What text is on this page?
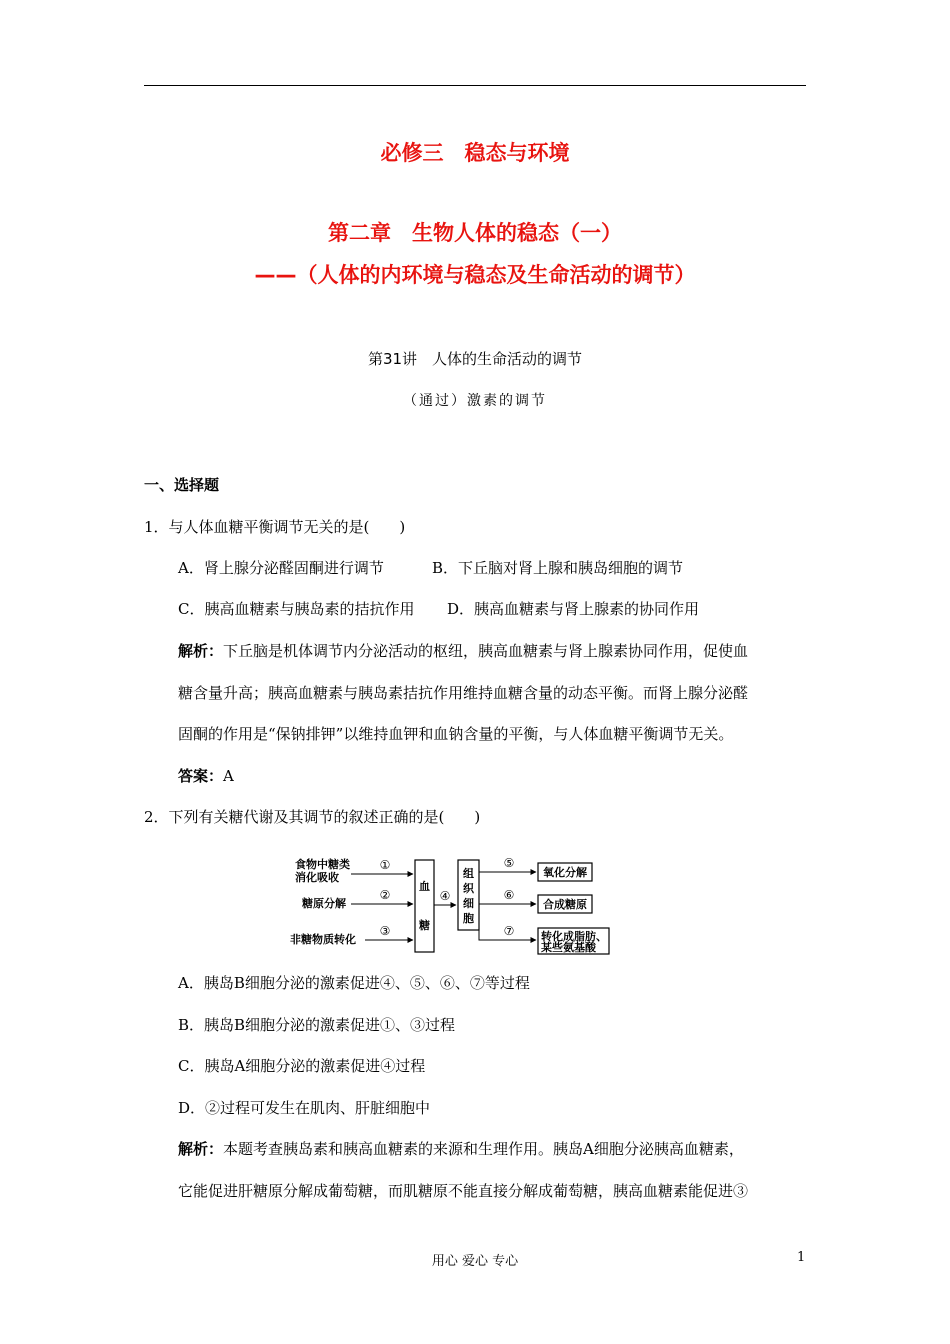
必修三　稳态与环境
第二章　生物人体的稳态（一）
——（人体的内环境与稳态及生命活动的调节）
第31讲　人体的生命活动的调节
（通过）激素的调节
一、选择题
1．与人体血糖平衡调节无关的是(　　)
A．肾上腺分泌醛固酮进行调节	B．下丘脑对肾上腺和胰岛细胞的调节
C．胰高血糖素与胰岛素的拮抗作用 D．胰高血糖素与肾上腺素的协同作用
解析：下丘脑是机体调节内分泌活动的枢纽，胰高血糖素与肾上腺素协同作用，促使血
糖含量升高；胰高血糖素与胰岛素拮抗作用维持血糖含量的动态平衡。而肾上腺分泌醛
固酮的作用是“保钠排钾”以维持血钾和血钠含量的平衡，与人体血糖平衡调节无关。
答案：A
2．下列有关糖代谢及其调节的叙述正确的是(　　)
食物中糖类
消化吸收
糖原分解
非糖物质转化
①
②
③
④
⑤
⑥
⑦
血
糖
组
织
细
胞
氧化分解
合成糖原
转化成脂肪、
某些氨基酸
A．胰岛B细胞分泌的激素促进④、⑤、⑥、⑦等过程
B．胰岛B细胞分泌的激素促进①、③过程
C．胰岛A细胞分泌的激素促进④过程
D．②过程可发生在肌肉、肝脏细胞中
解析：本题考查胰岛素和胰高血糖素的来源和生理作用。胰岛A细胞分泌胰高血糖素，
它能促进肝糖原分解成葡萄糖，而肌糖原不能直接分解成葡萄糖，胰高血糖素能促进③
用心 爱心 专心	1
